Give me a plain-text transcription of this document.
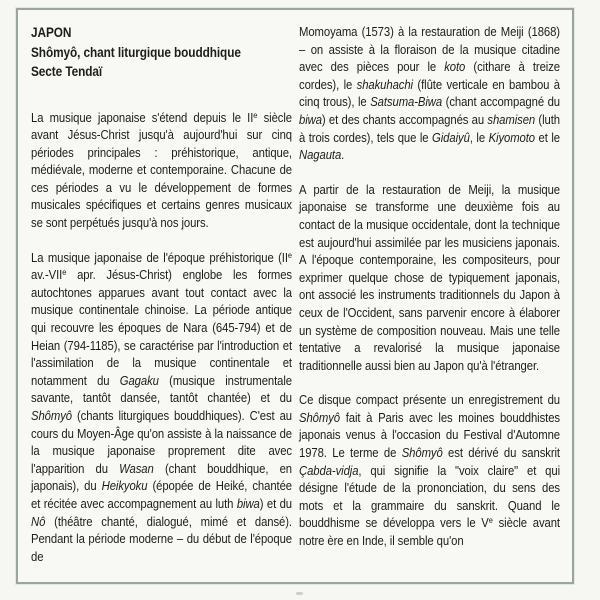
JAPON
Shômyô, chant liturgique bouddhique
Secte Tendaï

La musique japonaise s'étend depuis le IIe siècle avant Jésus-Christ jusqu'à aujourd'hui sur cinq périodes principales : préhistorique, antique, médiévale, moderne et contemporaine. Chacune de ces périodes a vu le développement de formes musicales spécifiques et certains genres musicaux se sont perpétués jusqu'à nos jours.

La musique japonaise de l'époque préhistorique (IIe av.-VIIe apr. Jésus-Christ) englobe les formes autochtones apparues avant tout contact avec la musique continentale chinoise. La période antique qui recouvre les époques de Nara (645-794) et de Heian (794-1185), se caractérise par l'introduction et l'assimilation de la musique continentale et notamment du Gagaku (musique instrumentale savante, tantôt dansée, tantôt chantée) et du Shômyô (chants liturgiques bouddhiques). C'est au cours du Moyen-Âge qu'on assiste à la naissance de la musique japonaise proprement dite avec l'apparition du Wasan (chant bouddhique, en japonais), du Heikyoku (épopée de Heiké, chantée et récitée avec accompagnement au luth biwa) et du Nô (théâtre chanté, dialogué, mimé et dansé). Pendant la période moderne – du début de l'époque de

Momoyama (1573) à la restauration de Meiji (1868) – on assiste à la floraison de la musique citadine avec des pièces pour le koto (cithare à treize cordes), le shakuhachi (flûte verticale en bambou à cinq trous), le Satsuma-Biwa (chant accompagné du biwa) et des chants accompagnés au shamisen (luth à trois cordes), tels que le Gidaiyû, le Kiyomoto et le Nagauta.

A partir de la restauration de Meiji, la musique japonaise se transforme une deuxième fois au contact de la musique occidentale, dont la technique est aujourd'hui assimilée par les musiciens japonais. A l'époque contemporaine, les compositeurs, pour exprimer quelque chose de typiquement japonais, ont associé les instruments traditionnels du Japon à ceux de l'Occident, sans parvenir encore à élaborer un système de composition nouveau. Mais une telle tentative a revalorisé la musique japonaise traditionnelle aussi bien au Japon qu'à l'étranger.

Ce disque compact présente un enregistrement du Shômyô fait à Paris avec les moines bouddhistes japonais venus à l'occasion du Festival d'Automne 1978. Le terme de Shômyô est dérivé du sanskrit Çabda-vidja, qui signifie la "voix claire" et qui désigne l'étude de la prononciation, du sens des mots et la grammaire du sanskrit. Quand le bouddhisme se développa vers le Ve siècle avant notre ère en Inde, il semble qu'on
